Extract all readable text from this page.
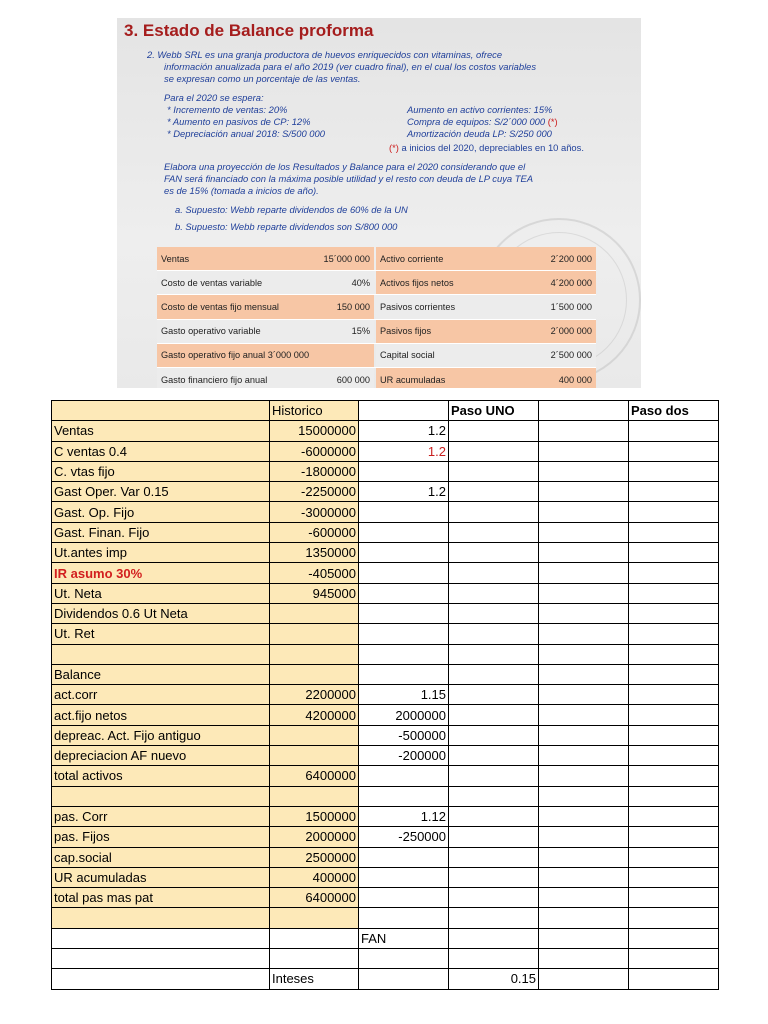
3. Estado de Balance proforma
2. Webb SRL es una granja productora de huevos enriquecidos con vitaminas, ofrece
información anualizada para el año 2019 (ver cuadro final), en el cual los costos variables
se expresan como un porcentaje de las ventas.
Para el 2020 se espera:
* Incremento de ventas: 20%
* Aumento en pasivos de CP: 12%
* Depreciación anual 2018: S/500 000
Aumento en activo corrientes: 15%
Compra de equipos: S/2´000 000 (*)
Amortización deuda LP: S/250 000
(*) a inicios del 2020, depreciables en 10 años.
Elabora una proyección de los Resultados y Balance para el 2020 considerando que el
FAN será financiado con la máxima posible utilidad y el resto con deuda de LP cuya TEA
es de 15% (tomada a inicios de año).
a. Supuesto: Webb reparte dividendos de 60% de la UN
b. Supuesto: Webb reparte dividendos son S/800 000
Ventas	15´000 000		Activo corriente	2´200 000
Costo de ventas variable	40%		Activos fijos netos	4´200 000
Costo de ventas fijo mensual	150 000		Pasivos corrientes	1´500 000
Gasto operativo variable	15%		Pasivos fijos	2´000 000
Gasto operativo fijo anual 3´000 000			Capital social	2´500 000
Gasto financiero fijo anual	600 000		UR acumuladas	400 000
	Historico		Paso UNO		Paso dos
Ventas	15000000	1.2			
C ventas 0.4	-6000000	1.2			
C. vtas fijo	-1800000				
Gast Oper. Var 0.15	-2250000	1.2			
Gast. Op. Fijo	-3000000				
Gast. Finan. Fijo	-600000				
Ut.antes imp	1350000				
IR asumo 30%	-405000				
Ut. Neta	945000				
Dividendos 0.6 Ut Neta					
Ut. Ret					

Balance					
act.corr	2200000	1.15			
act.fijo netos	4200000	2000000			
depreac. Act. Fijo antiguo		-500000			
depreciacion AF nuevo		-200000			
total activos	6400000				

pas. Corr	1500000	1.12			
pas. Fijos	2000000	-250000			
cap.social	2500000				
UR acumuladas	400000				
total pas mas pat	6400000				

		FAN			

	Inteses		0.15		
